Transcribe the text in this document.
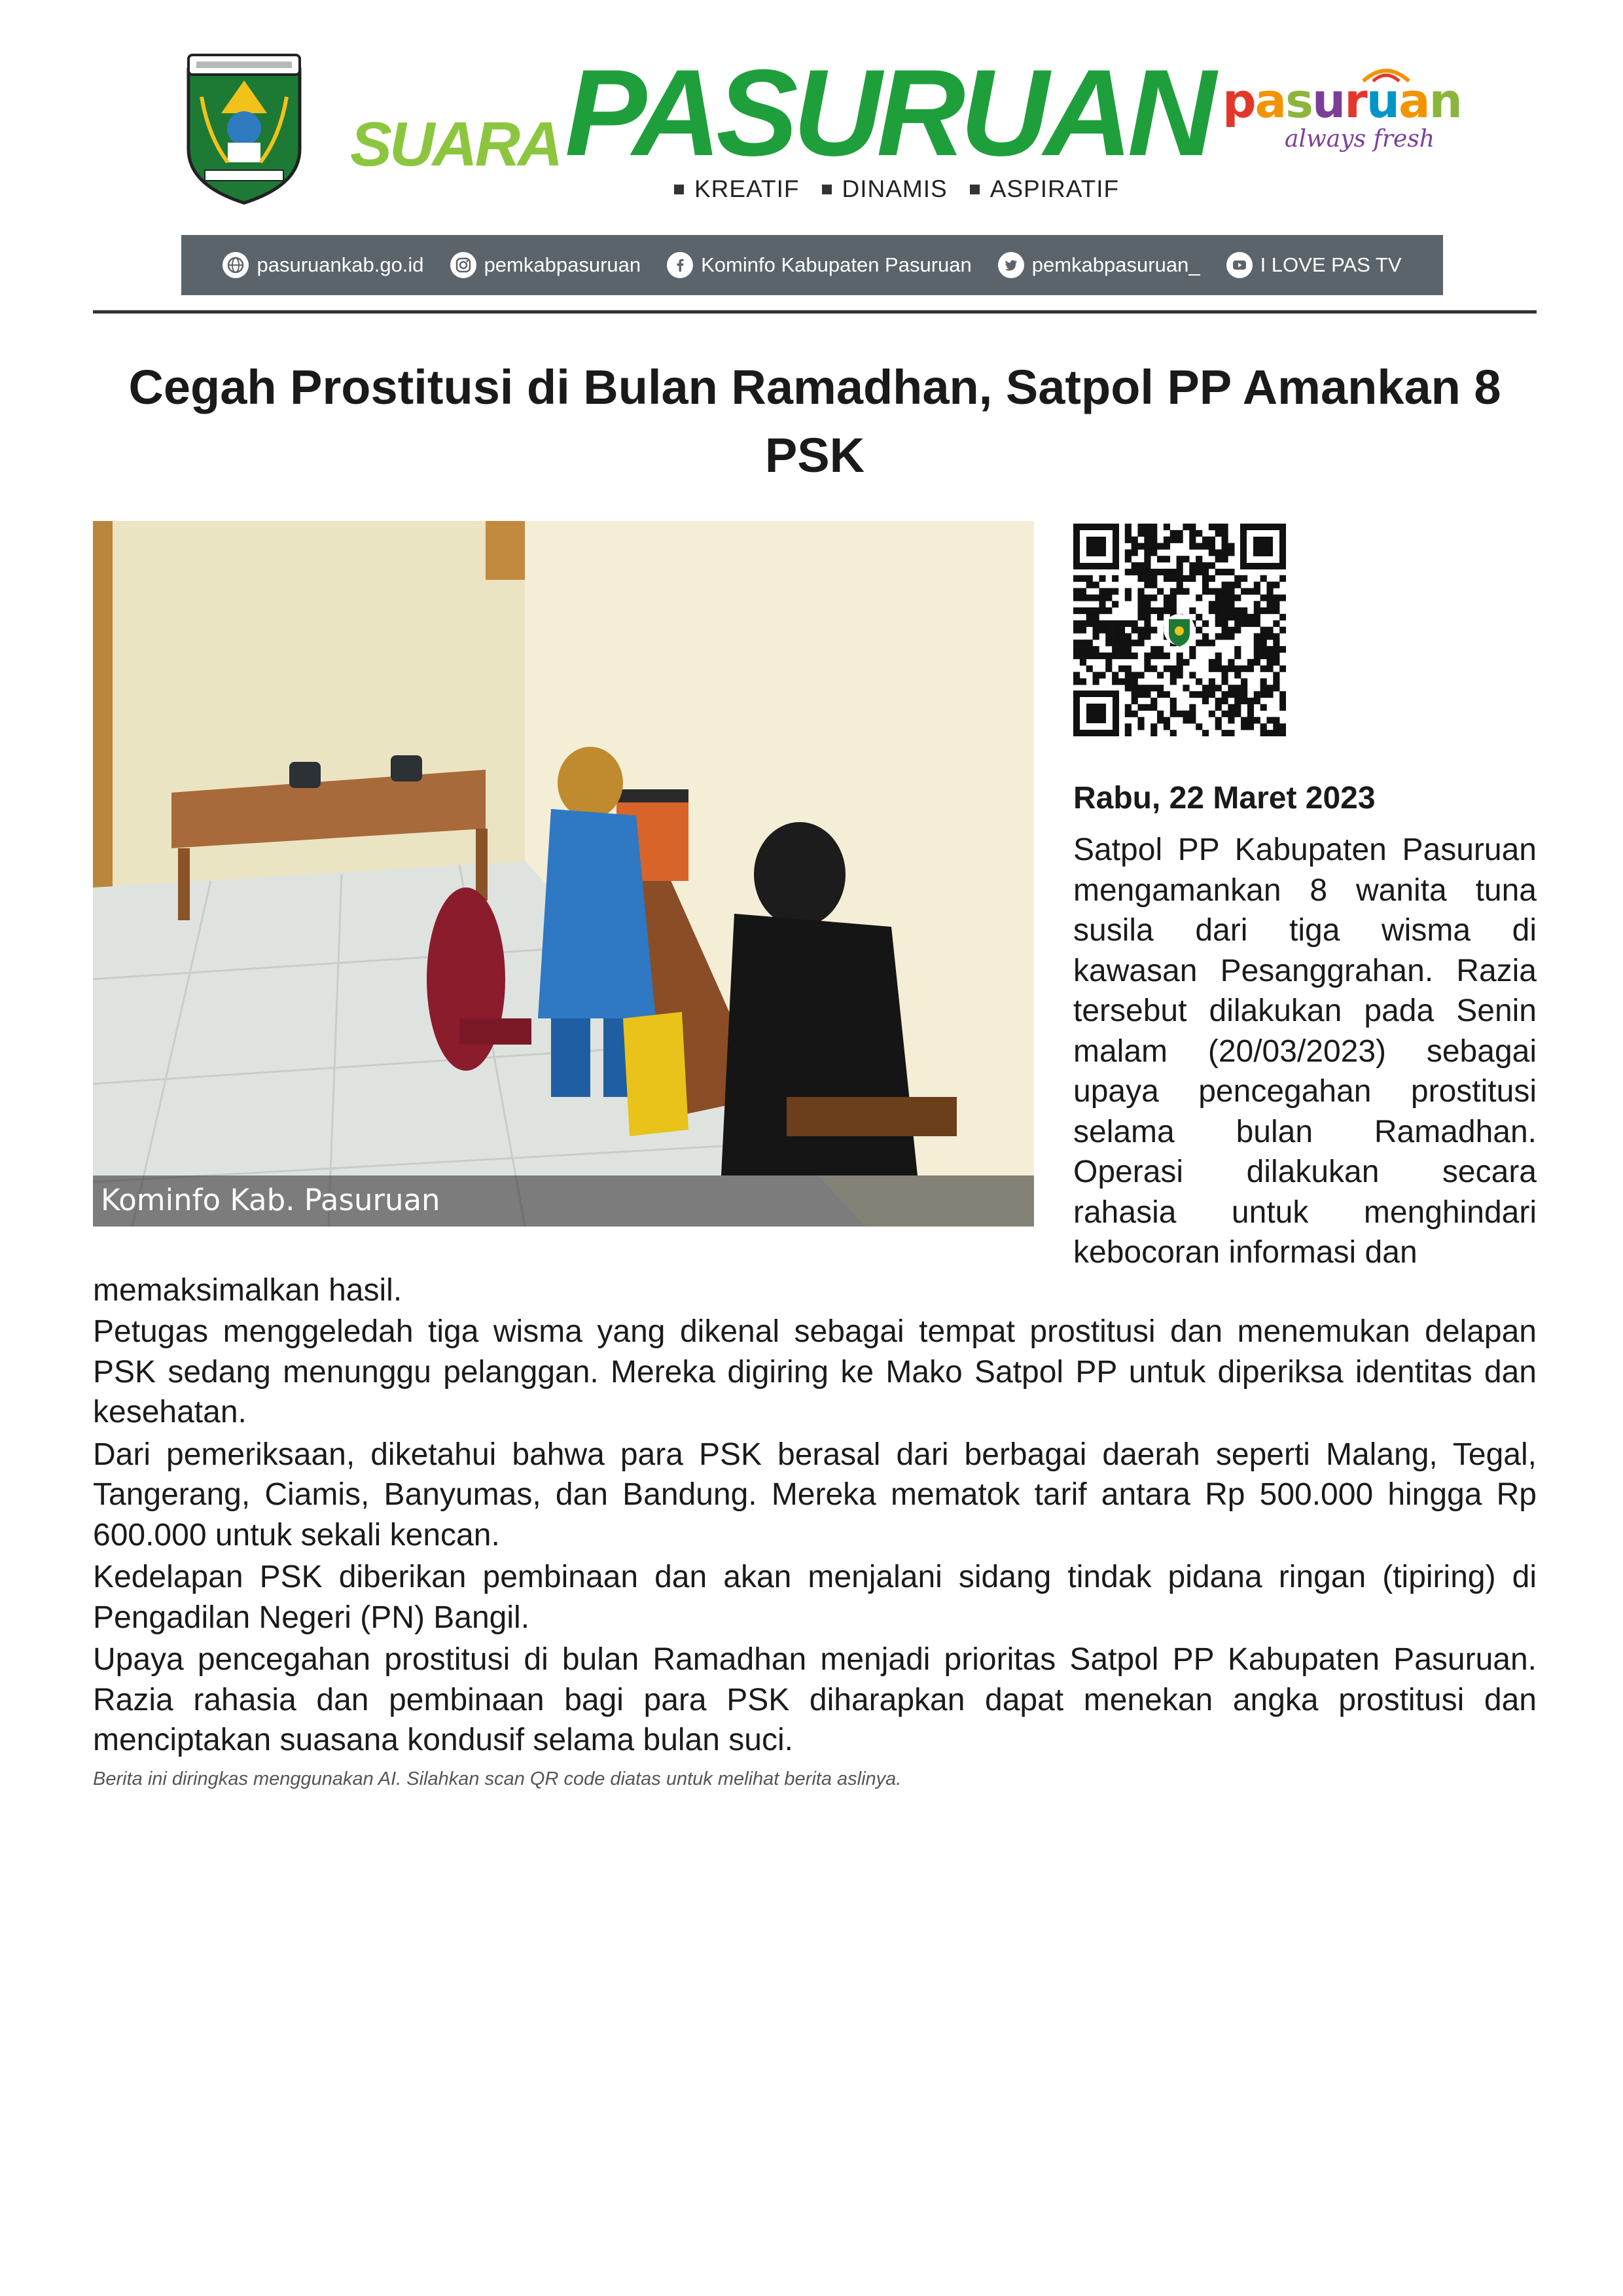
SUARA PASURUAN
KREATIF DINAMIS ASPIRATIF
pasuruan
always fresh
pasuruankab.go.id	pemkabpasuruan	Kominfo Kabupaten Pasuruan	pemkabpasuruan_	I LOVE PAS TV
Cegah Prostitusi di Bulan Ramadhan, Satpol PP Amankan 8 PSK
Kominfo Kab. Pasuruan
Rabu, 22 Maret 2023

Satpol PP Kabupaten Pasuruan mengamankan 8 wanita tuna susila dari tiga wisma di kawasan Pesanggrahan. Razia tersebut dilakukan pada Senin malam (20/03/2023) sebagai upaya pencegahan prostitusi selama bulan Ramadhan. Operasi dilakukan secara rahasia untuk menghindari kebocoran informasi dan

memaksimalkan hasil.

Petugas menggeledah tiga wisma yang dikenal sebagai tempat prostitusi dan menemukan delapan PSK sedang menunggu pelanggan. Mereka digiring ke Mako Satpol PP untuk diperiksa identitas dan kesehatan.

Dari pemeriksaan, diketahui bahwa para PSK berasal dari berbagai daerah seperti Malang, Tegal, Tangerang, Ciamis, Banyumas, dan Bandung. Mereka mematok tarif antara Rp 500.000 hingga Rp 600.000 untuk sekali kencan.

Kedelapan PSK diberikan pembinaan dan akan menjalani sidang tindak pidana ringan (tipiring) di Pengadilan Negeri (PN) Bangil.

Upaya pencegahan prostitusi di bulan Ramadhan menjadi prioritas Satpol PP Kabupaten Pasuruan. Razia rahasia dan pembinaan bagi para PSK diharapkan dapat menekan angka prostitusi dan menciptakan suasana kondusif selama bulan suci.

Berita ini diringkas menggunakan AI. Silahkan scan QR code diatas untuk melihat berita aslinya.
